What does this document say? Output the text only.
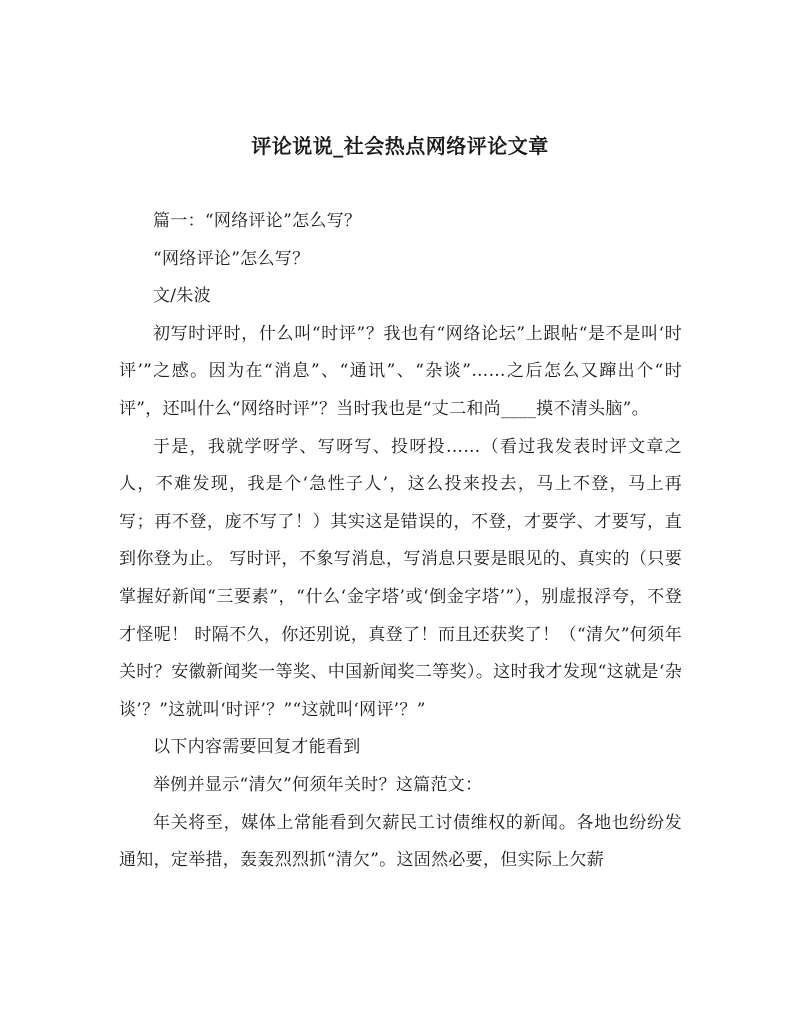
评论说说_社会热点网络评论文章

篇一：“网络评论”怎么写？

“网络评论”怎么写？

文/朱波

初写时评时，什么叫“时评”？我也有“网络论坛”上跟帖“是不是叫‘时评’”之感。因为在“消息”、“通讯”、“杂谈”……之后怎么又蹿出个“时评”，还叫什么“网络时评”？当时我也是“丈二和尚____摸不清头脑”。

于是，我就学呀学、写呀写、投呀投……（看过我发表时评文章之人，不难发现，我是个‘急性子人’，这么投来投去，马上不登，马上再写；再不登，庞不写了！）其实这是错误的，不登，才要学、才要写，直到你登为止。 写时评，不象写消息，写消息只要是眼见的、真实的（只要掌握好新闻“三要素”，“什么‘金字塔’或‘倒金字塔’”），别虚报浮夸，不登才怪呢！ 时隔不久，你还别说，真登了！而且还获奖了！（“清欠”何须年关时？安徽新闻奖一等奖、中国新闻奖二等奖）。这时我才发现“这就是‘杂谈’？”这就叫‘时评’？”“这就叫‘网评’？”

以下内容需要回复才能看到

举例并显示“清欠”何须年关时？这篇范文：

年关将至，媒体上常能看到欠薪民工讨债维权的新闻。各地也纷纷发通知，定举措，轰轰烈烈抓“清欠”。这固然必要，但实际上欠薪
